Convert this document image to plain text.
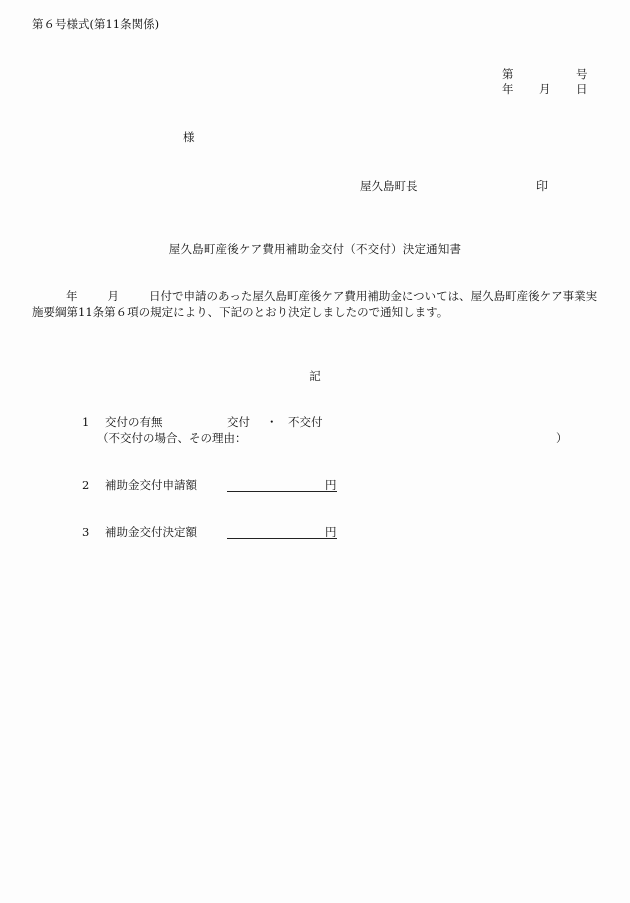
第６号様式(第11条関係)
第	号
年 月 日
様
屋久島町長	印
屋久島町産後ケア費用補助金交付（不交付）決定通知書
年	月	日付で申請のあった屋久島町産後ケア費用補助金については、屋久島町産後ケア事業実施要綱第11条第６項の規定により、下記のとおり決定しましたので通知します。
記
1 交付の有無	交付 ・ 不交付
（不交付の場合、その理由：	）
2 補助金交付申請額	円
3 補助金交付決定額	円
